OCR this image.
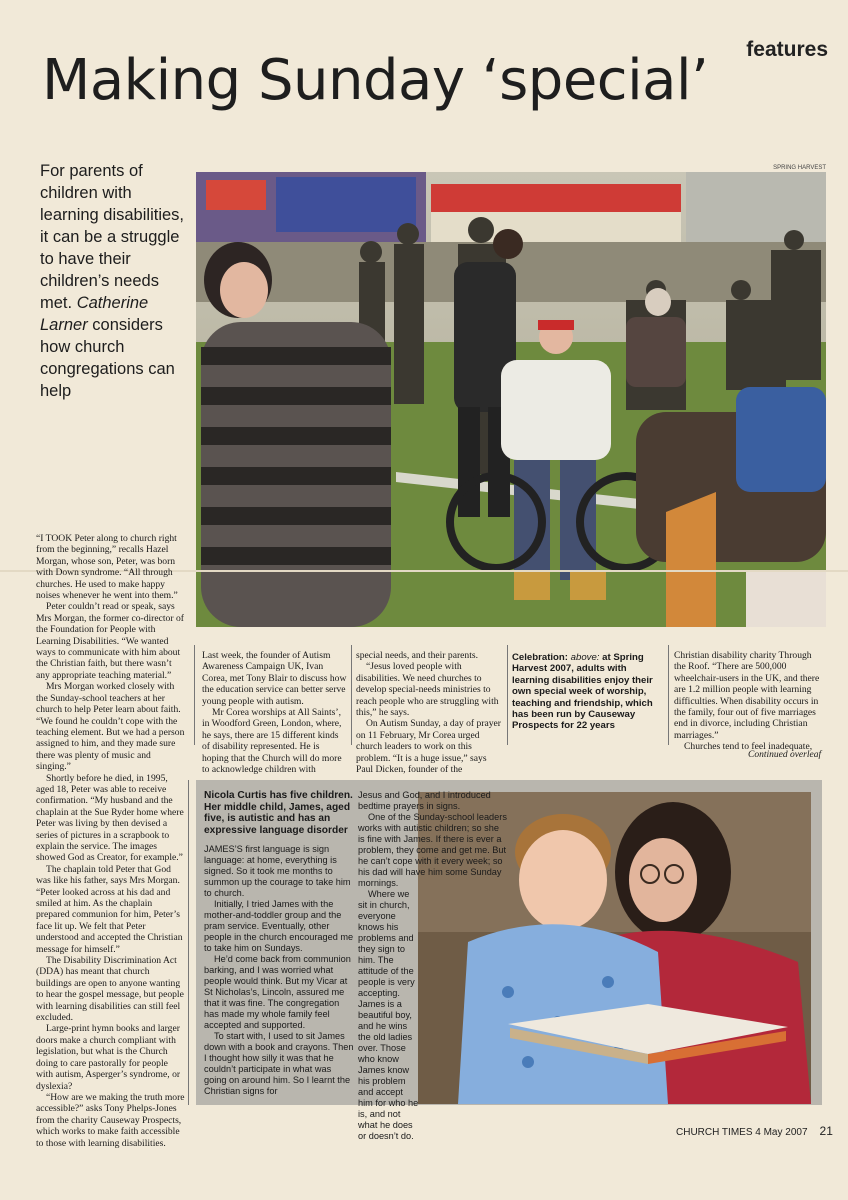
features
Making Sunday ‘special’
For parents of children with learning disabilities, it can be a struggle to have their children’s needs met. Catherine Larner considers how church congregations can help
SPRING HARVEST

“I TOOK Peter along to church right from the beginning,” recalls Hazel Morgan, whose son, Peter, was born with Down syndrome. “All through churches. He used to make happy noises whenever he went into them.”

Peter couldn’t read or speak, says Mrs Morgan, the former co-director of the Foundation for People with Learning Disabilities. “We wanted ways to communicate with him about the Christian faith, but there wasn’t any appropriate teaching material.”

Mrs Morgan worked closely with the Sunday-school teachers at her church to help Peter learn about faith. “We found he couldn’t cope with the teaching element. But we had a person assigned to him, and they made sure there was plenty of music and singing.”

Shortly before he died, in 1995, aged 18, Peter was able to receive confirmation. “My husband and the chaplain at the Sue Ryder home where Peter was living by then devised a series of pictures in a scrapbook to explain the service. The images showed God as Creator, for example.”

The chaplain told Peter that God was like his father, says Mrs Morgan. “Peter looked across at his dad and smiled at him. As the chaplain prepared communion for him, Peter’s face lit up. We felt that Peter understood and accepted the Christian message for himself.”

The Disability Discrimination Act (DDA) has meant that church buildings are open to anyone wanting to hear the gospel message, but people with learning disabilities can still feel excluded.

Large-print hymn books and larger doors make a church compliant with legislation, but what is the Church doing to care pastorally for people with autism, Asperger’s syndrome, or dyslexia?

“How are we making the truth more accessible?” asks Tony Phelps-Jones from the charity Causeway Prospects, which works to make faith accessible to those with learning disabilities.

Last week, the founder of Autism Awareness Campaign UK, Ivan Corea, met Tony Blair to discuss how the education service can better serve young people with autism.

Mr Corea worships at All Saints’, in Woodford Green, London, where, he says, there are 15 different kinds of disability represented. He is hoping that the Church will do more to acknowledge children with

special needs, and their parents.

“Jesus loved people with disabilities. We need churches to develop special-needs ministries to reach people who are struggling with this,” he says.

On Autism Sunday, a day of prayer on 11 February, Mr Corea urged church leaders to work on this problem. “It is a huge issue,” says Paul Dicken, founder of the

Celebration: above: at Spring Harvest 2007, adults with learning disabilities enjoy their own special week of worship, teaching and friendship, which has been run by Causeway Prospects for 22 years

Christian disability charity Through the Roof. “There are 500,000 wheelchair-users in the UK, and there are 1.2 million people with learning difficulties. When disability occurs in the family, four out of five marriages end in divorce, including Christian marriages.”

Churches tend to feel inadequate,

Continued overleaf

Nicola Curtis has five children. Her middle child, James, aged five, is autistic and has an expressive language disorder

JAMES’S first language is sign language: at home, everything is signed. So it took me months to summon up the courage to take him to church.

Initially, I tried James with the mother-and-toddler group and the pram service. Eventually, other people in the church encouraged me to take him on Sundays.

He’d come back from communion barking, and I was worried what people would think. But my Vicar at St Nicholas’s, Lincoln, assured me that it was fine. The congregation has made my whole family feel accepted and supported.

To start with, I used to sit James down with a book and crayons. Then I thought how silly it was that he couldn’t participate in what was going on around him. So I learnt the Christian signs for

Jesus and God, and I introduced bedtime prayers in signs.

One of the Sunday-school leaders works with autistic children; so she is fine with James. If there is ever a problem, they come and get me. But he can’t cope with it every week; so his dad will have him some Sunday mornings.

Where we sit in church, everyone knows his problems and they sign to him. The attitude of the people is very accepting. James is a beautiful boy, and he wins the old ladies over. Those who know James know his problem and accept him for who he is, and not what he does or doesn’t do.	CHURCH TIMES 4 May 2007 21
